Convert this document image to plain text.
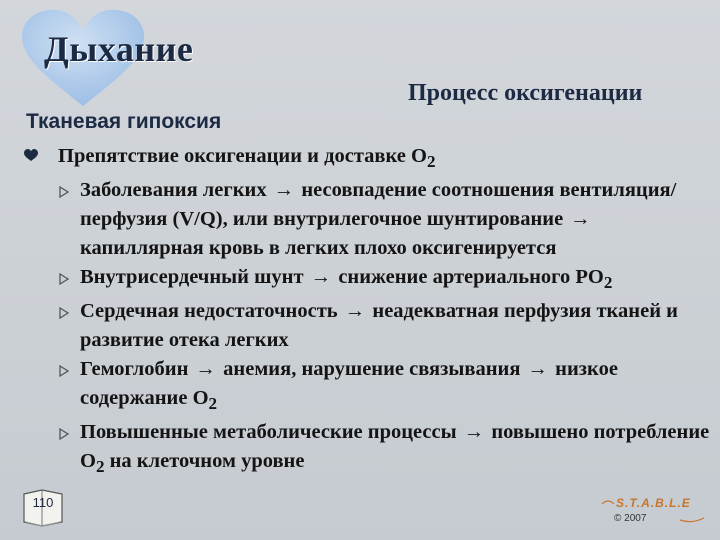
Дыхание
Процесс оксигенации
Тканевая гипоксия
Препятствие оксигенации и доставке $O_2$
Заболевания легких → несовпадение соотношения вентиляция/перфузия (V/Q), или внутрилегочное шунтирование → капиллярная кровь в легких плохо оксигенируется
Внутрисердечный шунт → снижение артериального $PO_2$
Сердечная недостаточность → неадекватная перфузия тканей и развитие отека легких
Гемоглобин → анемия, нарушение связывания → низкое содержание $O_2$
Повышенные метаболические процессы → повышено потребление $O_2$ на клеточном уровне
110	S.T.A.B.L.E
© 2007
